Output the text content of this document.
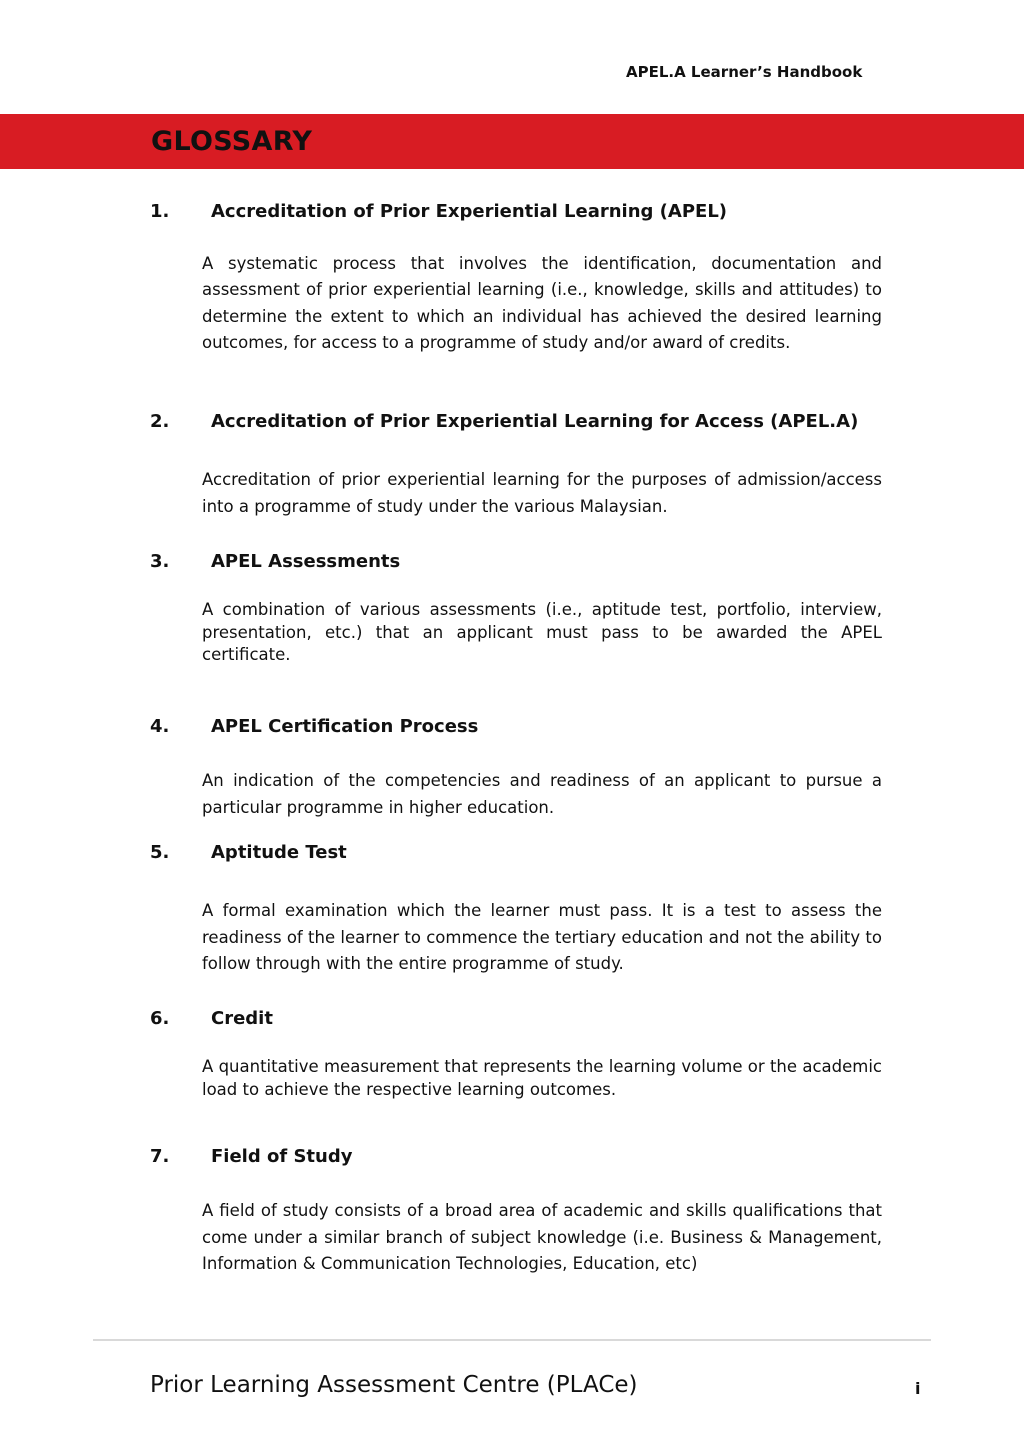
APEL.A Learner’s Handbook
GLOSSARY
1. Accreditation of Prior Experiential Learning (APEL)

A systematic process that involves the identification, documentation and assessment of prior experiential learning (i.e., knowledge, skills and attitudes) to determine the extent to which an individual has achieved the desired learning outcomes, for access to a programme of study and/or award of credits.

2. Accreditation of Prior Experiential Learning for Access (APEL.A)

Accreditation of prior experiential learning for the purposes of admission/access into a programme of study under the various Malaysian.

3. APEL Assessments

A combination of various assessments (i.e., aptitude test, portfolio, interview, presentation, etc.) that an applicant must pass to be awarded the APEL certificate.

4. APEL Certification Process

An indication of the competencies and readiness of an applicant to pursue a particular programme in higher education.

5. Aptitude Test

A formal examination which the learner must pass. It is a test to assess the readiness of the learner to commence the tertiary education and not the ability to follow through with the entire programme of study.

6. Credit

A quantitative measurement that represents the learning volume or the academic load to achieve the respective learning outcomes.

7. Field of Study

A field of study consists of a broad area of academic and skills qualifications that come under a similar branch of subject knowledge (i.e. Business & Management, Information & Communication Technologies, Education, etc)

Prior Learning Assessment Centre (PLACe)	i
